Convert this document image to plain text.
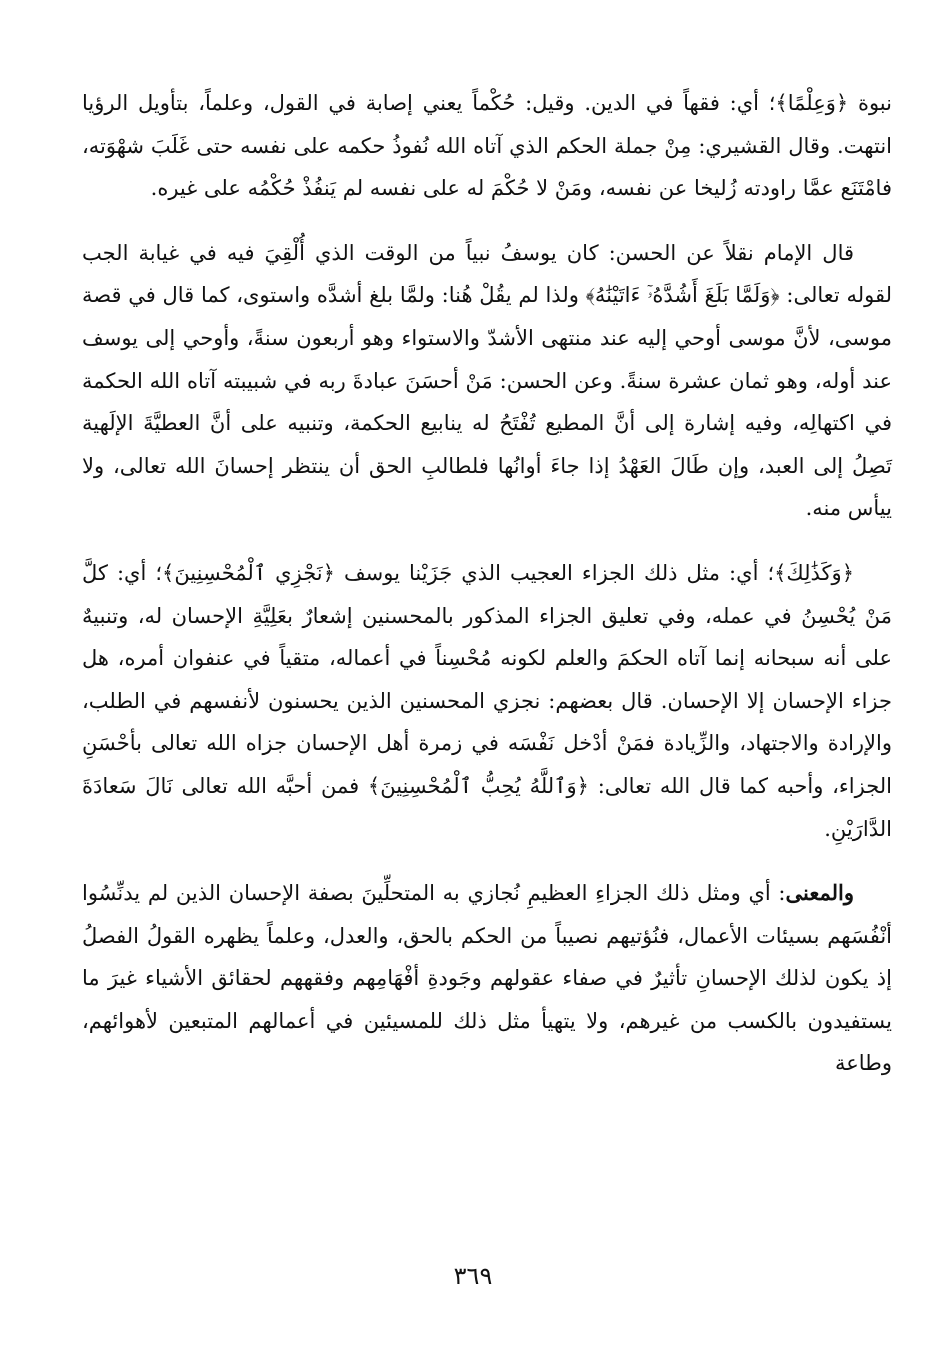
نبوة ﴿وَعِلْمًا﴾؛ أي: فقهاً في الدين. وقيل: حُكْماً يعني إصابة في القول، وعلماً، بتأويل الرؤيا انتهت. وقال القشيري: مِنْ جملة الحكم الذي آتاه الله نُفوذُ حكمه على نفسه حتى غَلَبَ شهْوَته، فامْتَنَع عمَّا راودته زُليخا عن نفسه، ومَنْ لا حُكْمَ له على نفسه لم يَنفُذْ حُكْمُه على غيره.

قال الإمام نقلاً عن الحسن: كان يوسفُ نبياً من الوقت الذي أُلْقِيَ فيه في غيابة الجب لقوله تعالى: ﴿وَلَمَّا بَلَغَ أَشُدَّهُۥٓ ءَاتَيْنَٰهُ﴾ ولذا لم يقُلْ هُنا: ولمَّا بلغ أشدَّه واستوى، كما قال في قصة موسى، لأنَّ موسى أوحي إليه عند منتهى الأشدّ والاستواء وهو أربعون سنةً، وأوحي إلى يوسف عند أوله، وهو ثمان عشرة سنةً. وعن الحسن: مَنْ أحسَنَ عبادةَ ربه في شبيبته آتاه الله الحكمة في اكتهالِه، وفيه إشارة إلى أنَّ المطيع تُفْتَحُ له ينابيع الحكمة، وتنبيه على أنَّ العطيَّةَ الإلَهية تَصِلُ إلى العبد، وإن طَالَ العَهْدُ إذا جاءَ أوانُها فلطالبِ الحق أن ينتظر إحسانَ الله تعالى، ولا ييأس منه.

﴿وَكَذَٰلِكَ﴾؛ أي: مثل ذلك الجزاء العجيب الذي جَزَيْنا يوسف ﴿نَجْزِي ٱلْمُحْسِنِينَ﴾؛ أي: كلَّ مَنْ يُحْسِنُ في عمله، وفي تعليق الجزاء المذكور بالمحسنين إشعارٌ بعَلِيَّةِ الإحسان له، وتنبيهٌ على أنه سبحانه إنما آتاه الحكمَ والعلم لكونه مُحْسِناً في أعماله، متقياً في عنفوان أمره، هل جزاء الإحسان إلا الإحسان. قال بعضهم: نجزي المحسنين الذين يحسنون لأنفسهم في الطلب، والإرادة والاجتهاد، والزِّيادة فمَنْ أدْخل نَفْسَه في زمرة أهل الإحسان جزاه الله تعالى بأحْسَنِ الجزاء، وأحبه كما قال الله تعالى: ﴿وَٱللَّهُ يُحِبُّ ٱلْمُحْسِنِينَ﴾ فمن أحبَّه الله تعالى نَالَ سَعادَةَ الدَّارَيْنِ.

والمعنى: أي ومثل ذلك الجزاءِ العظيمِ نُجازي به المتحلِّينَ بصفة الإحسان الذين لم يدنِّسُوا أنْفُسَهم بسيئات الأعمال، فنُؤتيهم نصيباً من الحكم بالحق، والعدل، وعلماً يظهره القولُ الفصلُ إذ يكون لذلك الإحسانِ تأثيرٌ في صفاء عقولهم وجَودةِ أفْهَامِهم وفقههم لحقائق الأشياء غيرَ ما يستفيدون بالكسب من غيرهم، ولا يتهيأ مثل ذلك للمسيئين في أعمالهم المتبعين لأهوائهم، وطاعة

٣٦٩
